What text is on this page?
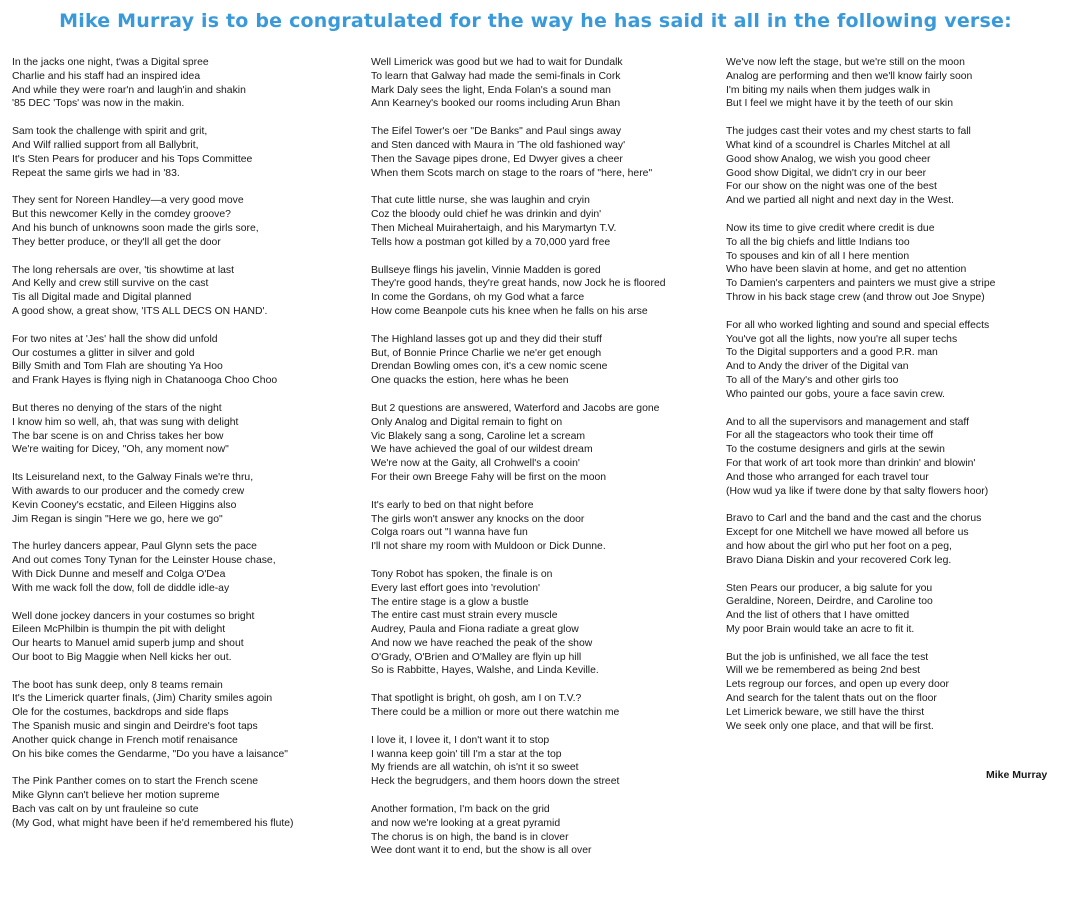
Mike Murray is to be congratulated for the way he has said it all in the following verse:
In the jacks one night, t'was a Digital spree
Charlie and his staff had an inspired idea
And while they were roar'n and laugh'in and shakin
'85 DEC 'Tops' was now in the makin.
Sam took the challenge with spirit and grit,
And Wilf rallied support from all Ballybrit,
It's Sten Pears for producer and his Tops Committee
Repeat the same girls we had in '83.
They sent for Noreen Handley—a very good move
But this newcomer Kelly in the comdey groove?
And his bunch of unknowns soon made the girls sore,
They better produce, or they'll all get the door
The long rehersals are over, 'tis showtime at last
And Kelly and crew still survive on the cast
Tis all Digital made and Digital planned
A good show, a great show, 'ITS ALL DECS ON HAND'.
For two nites at 'Jes' hall the show did unfold
Our costumes a glitter in silver and gold
Billy Smith and Tom Flah are shouting Ya Hoo
and Frank Hayes is flying nigh in Chatanooga Choo Choo
But theres no denying of the stars of the night
I know him so well, ah, that was sung with delight
The bar scene is on and Chriss takes her bow
We're waiting for Dicey, "Oh, any moment now"
Its Leisureland next, to the Galway Finals we're thru,
With awards to our producer and the comedy crew
Kevin Cooney's ecstatic, and Eileen Higgins also
Jim Regan is singin "Here we go, here we go"
The hurley dancers appear, Paul Glynn sets the pace
And out comes Tony Tynan for the Leinster House chase,
With Dick Dunne and meself and Colga O'Dea
With me wack foll the dow, foll de diddle idle-ay
Well done jockey dancers in your costumes so bright
Eileen McPhilbin is thumpin the pit with delight
Our hearts to Manuel amid superb jump and shout
Our boot to Big Maggie when Nell kicks her out.
The boot has sunk deep, only 8 teams remain
It's the Limerick quarter finals, (Jim) Charity smiles agoin
Ole for the costumes, backdrops and side flaps
The Spanish music and singin and Deirdre's foot taps
Another quick change in French motif renaisance
On his bike comes the Gendarme, "Do you have a laisance"
The Pink Panther comes on to start the French scene
Mike Glynn can't believe her motion supreme
Bach vas calt on by unt frauleine so cute
(My God, what might have been if he'd remembered his flute)
Well Limerick was good but we had to wait for Dundalk
To learn that Galway had made the semi-finals in Cork
Mark Daly sees the light, Enda Folan's a sound man
Ann Kearney's booked our rooms including Arun Bhan
The Eifel Tower's oer "De Banks" and Paul sings away
and Sten danced with Maura in 'The old fashioned way'
Then the Savage pipes drone, Ed Dwyer gives a cheer
When them Scots march on stage to the roars of "here, here"
That cute little nurse, she was laughin and cryin
Coz the bloody ould chief he was drinkin and dyin'
Then Micheal Muirahertaigh, and his Marymartyn T.V.
Tells how a postman got killed by a 70,000 yard free
Bullseye flings his javelin, Vinnie Madden is gored
They're good hands, they're great hands, now Jock he is floored
In come the Gordans, oh my God what a farce
How come Beanpole cuts his knee when he falls on his arse
The Highland lasses got up and they did their stuff
But, of Bonnie Prince Charlie we ne'er get enough
Drendan Bowling omes con, it's a cew nomic scene
One quacks the estion, here whas he been
But 2 questions are answered, Waterford and Jacobs are gone
Only Analog and Digital remain to fight on
Vic Blakely sang a song, Caroline let a scream
We have achieved the goal of our wildest dream
We're now at the Gaity, all Crohwell's a cooin'
For their own Breege Fahy will be first on the moon
It's early to bed on that night before
The girls won't answer any knocks on the door
Colga roars out "I wanna have fun
I'll not share my room with Muldoon or Dick Dunne.
Tony Robot has spoken, the finale is on
Every last effort goes into 'revolution'
The entire stage is a glow a bustle
The entire cast must strain every muscle
Audrey, Paula and Fiona radiate a great glow
And now we have reached the peak of the show
O'Grady, O'Brien and O'Malley are flyin up hill
So is Rabbitte, Hayes, Walshe, and Linda Keville.
That spotlight is bright, oh gosh, am I on T.V.?
There could be a million or more out there watchin me
I love it, I lovee it, I don't want it to stop
I wanna keep goin' till I'm a star at the top
My friends are all watchin, oh is'nt it so sweet
Heck the begrudgers, and them hoors down the street
Another formation, I'm back on the grid
and now we're looking at a great pyramid
The chorus is on high, the band is in clover
Wee dont want it to end, but the show is all over
We've now left the stage, but we're still on the moon
Analog are performing and then we'll know fairly soon
I'm biting my nails when them judges walk in
But I feel we might have it by the teeth of our skin
The judges cast their votes and my chest starts to fall
What kind of a scoundrel is Charles Mitchel at all
Good show Analog, we wish you good cheer
Good show Digital, we didn't cry in our beer
For our show on the night was one of the best
And we partied all night and next day in the West.
Now its time to give credit where credit is due
To all the big chiefs and little Indians too
To spouses and kin of all I here mention
Who have been slavin at home, and get no attention
To Damien's carpenters and painters we must give a stripe
Throw in his back stage crew (and throw out Joe Snype)
For all who worked lighting and sound and special effects
You've got all the lights, now you're all super techs
To the Digital supporters and a good P.R. man
And to Andy the driver of the Digital van
To all of the Mary's and other girls too
Who painted our gobs, youre a face savin crew.
And to all the supervisors and management and staff
For all the stageactors who took their time off
To the costume designers and girls at the sewin
For that work of art took more than drinkin' and blowin'
And those who arranged for each travel tour
(How wud ya like if twere done by that salty flowers hoor)
Bravo to Carl and the band and the cast and the chorus
Except for one Mitchell we have mowed all before us
and how about the girl who put her foot on a peg,
Bravo Diana Diskin and your recovered Cork leg.
Sten Pears our producer, a big salute for you
Geraldine, Noreen, Deirdre, and Caroline too
And the list of others that I have omitted
My poor Brain would take an acre to fit it.
But the job is unfinished, we all face the test
Will we be remembered as being 2nd best
Lets regroup our forces, and open up every door
And search for the talent thats out on the floor
Let Limerick beware, we still have the thirst
We seek only one place, and that will be first.
Mike Murray
